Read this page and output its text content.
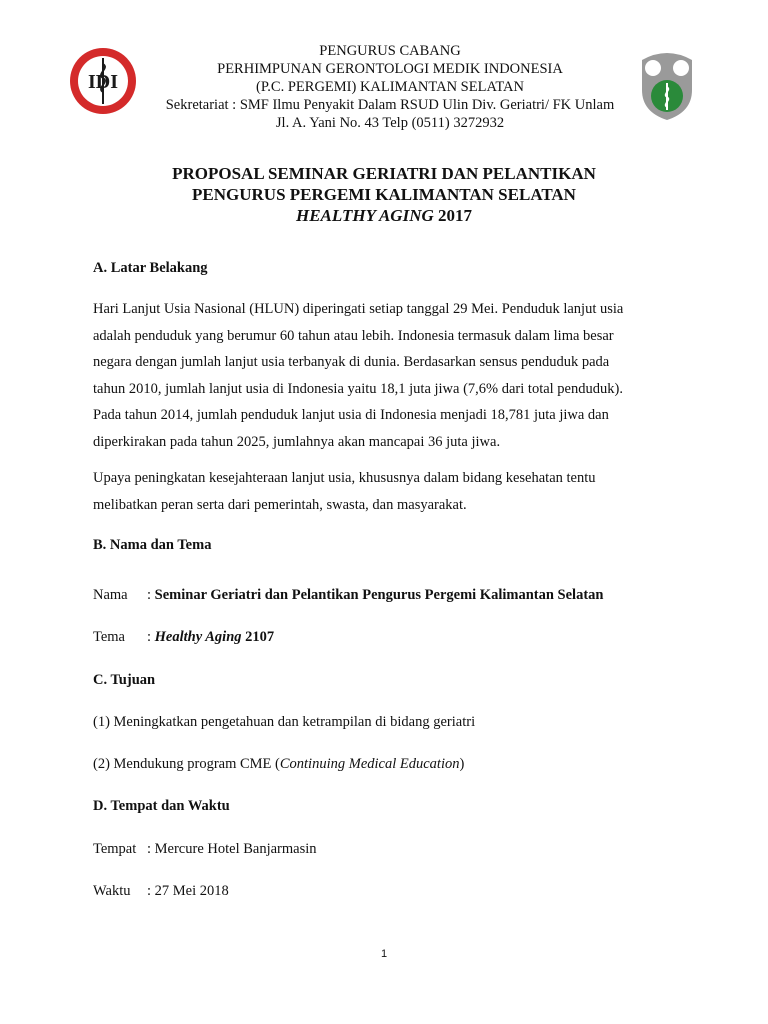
IDI
PENGURUS CABANG
PERHIMPUNAN GERONTOLOGI MEDIK INDONESIA
(P.C. PERGEMI) KALIMANTAN SELATAN
Sekretariat : SMF Ilmu Penyakit Dalam RSUD Ulin Div. Geriatri/ FK Unlam
Jl. A. Yani No. 43 Telp (0511) 3272932
PROPOSAL SEMINAR GERIATRI DAN PELANTIKAN
PENGURUS PERGEMI KALIMANTAN SELATAN
HEALTHY AGING 2017
A. Latar Belakang
Hari Lanjut Usia Nasional (HLUN) diperingati setiap tanggal 29 Mei. Penduduk lanjut usia
adalah penduduk yang berumur 60 tahun atau lebih. Indonesia termasuk dalam lima besar
negara dengan jumlah lanjut usia terbanyak di dunia. Berdasarkan sensus penduduk pada
tahun 2010, jumlah lanjut usia di Indonesia yaitu 18,1 juta jiwa (7,6% dari total penduduk).
Pada tahun 2014, jumlah penduduk lanjut usia di Indonesia menjadi 18,781 juta jiwa dan
diperkirakan pada tahun 2025, jumlahnya akan mancapai 36 juta jiwa.
Upaya peningkatan kesejahteraan lanjut usia, khususnya dalam bidang kesehatan tentu
melibatkan peran serta dari pemerintah, swasta, dan masyarakat.
B. Nama dan Tema
Nama : Seminar Geriatri dan Pelantikan Pengurus Pergemi Kalimantan Selatan
Tema : Healthy Aging 2107
C. Tujuan
(1) Meningkatkan pengetahuan dan ketrampilan di bidang geriatri
(2) Mendukung program CME (Continuing Medical Education)
D. Tempat dan Waktu
Tempat : Mercure Hotel Banjarmasin
Waktu : 27 Mei 2018
1
